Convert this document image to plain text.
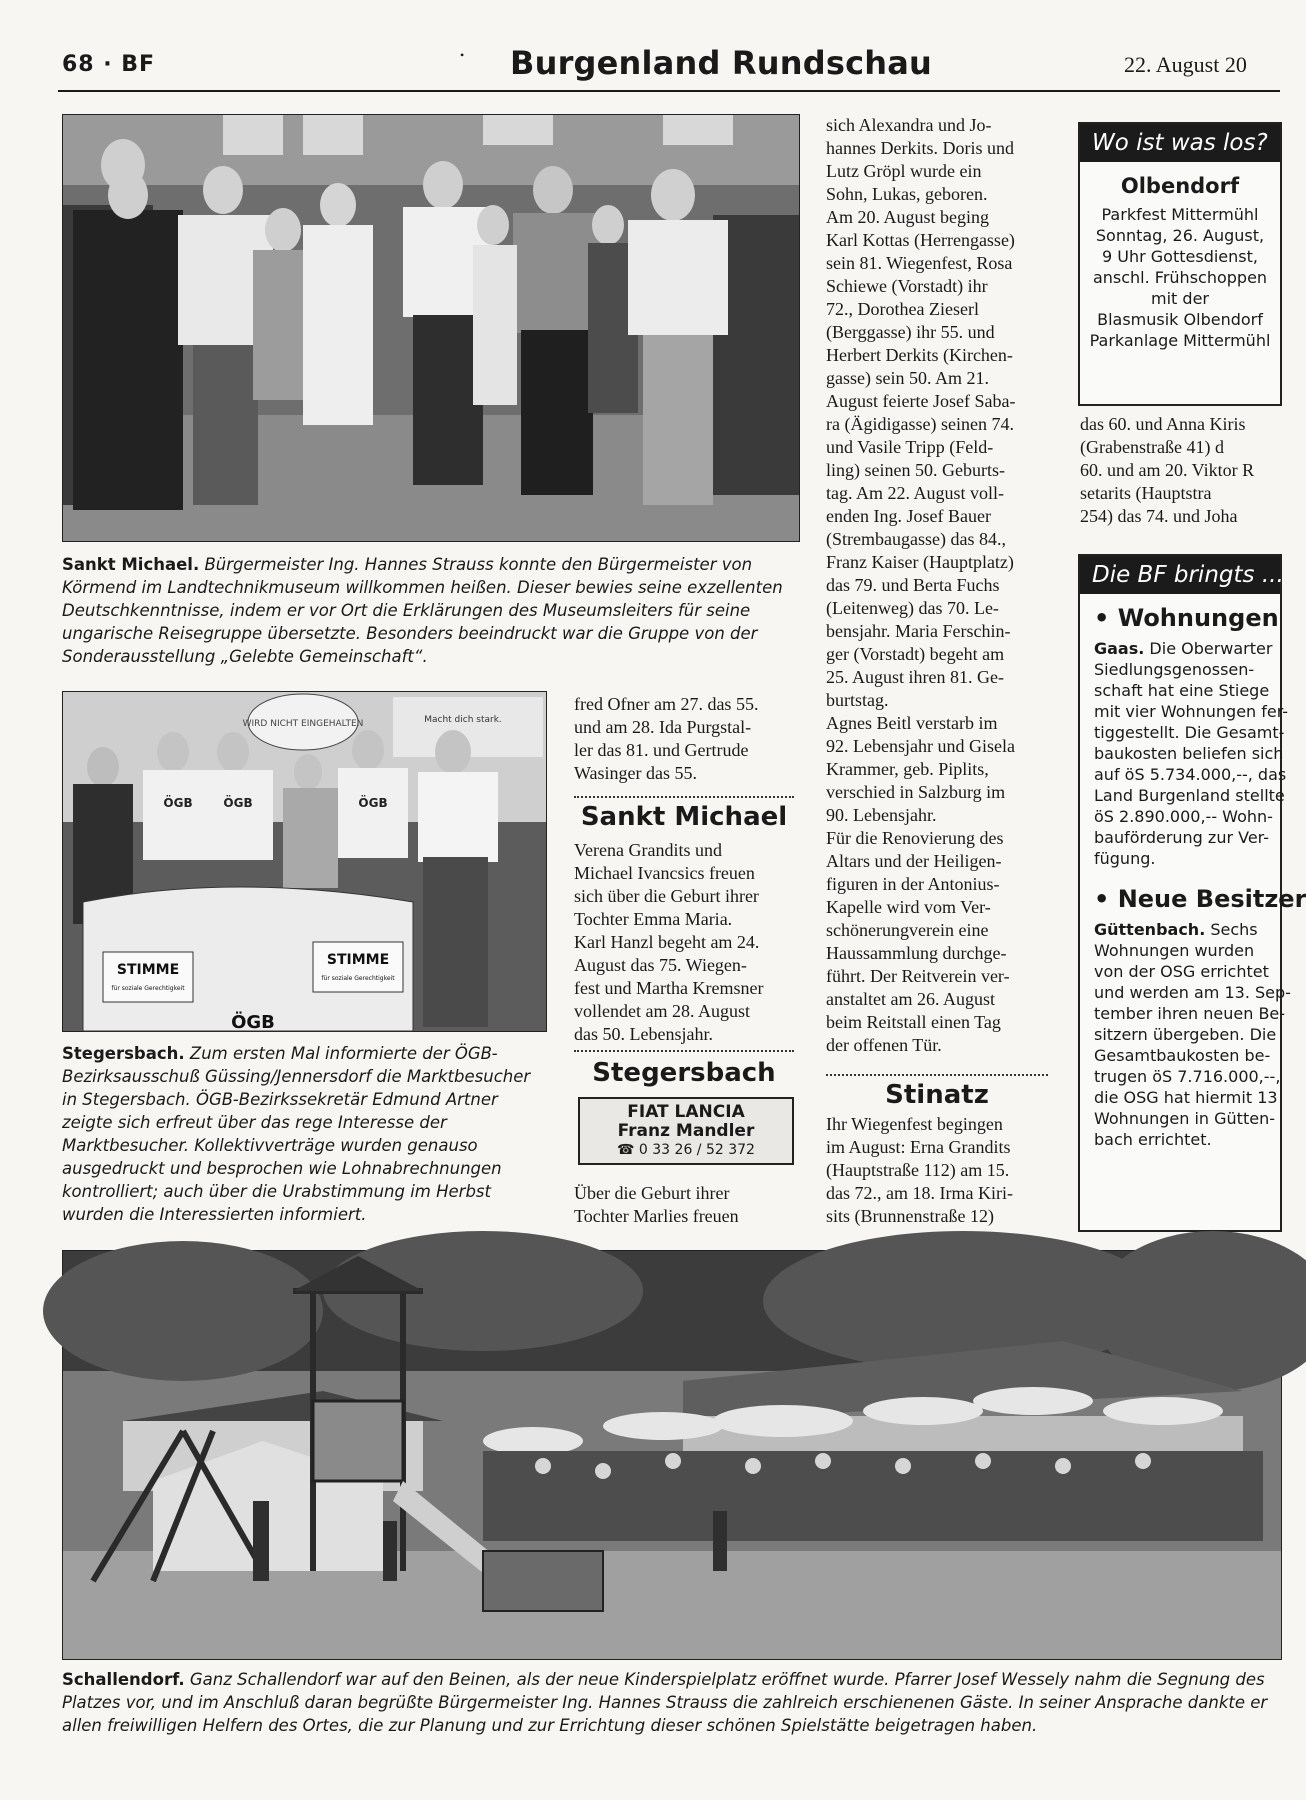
68 · BF	• Burgenland Rundschau	22. August 20
Sankt Michael. Bürgermeister Ing. Hannes Strauss konnte den Bürgermeister von Körmend im Landtechnikmuseum willkommen heißen. Dieser bewies seine exzellenten Deutschkenntnisse, indem er vor Ort die Erklärungen des Museumsleiters für seine ungarische Reisegruppe übersetzte. Besonders beeindruckt war die Gruppe von der Sonderausstellung „Gelebte Gemeinschaft“.
WIRD NICHT EINGEHALTEN	Macht dich stark.
ÖGB	ÖGB	ÖGB
STIMME
für soziale Gerechtigkeit
STIMME
für soziale Gerechtigkeit
ÖGB
Stegersbach. Zum ersten Mal informierte der ÖGB-Bezirksausschuß Güssing/Jennersdorf die Marktbesucher in Stegersbach. ÖGB-Bezirkssekretär Edmund Artner zeigte sich erfreut über das rege Interesse der Marktbesucher. Kollektivverträge wurden genauso ausgedruckt und besprochen wie Lohnabrechnungen kontrolliert; auch über die Urabstimmung im Herbst wurden die Interessierten informiert.
fred Ofner am 27. das 55.
und am 28. Ida Purgstal-
ler das 81. und Gertrude
Wasinger das 55.
Sankt Michael
Verena Grandits und
Michael Ivancsics freuen
sich über die Geburt ihrer
Tochter Emma Maria.
Karl Hanzl begeht am 24.
August das 75. Wiegen-
fest und Martha Kremsner
vollendet am 28. August
das 50. Lebensjahr.
Stegersbach
FIAT LANCIA
Franz Mandler
☎ 0 33 26 / 52 372
Über die Geburt ihrer
Tochter Marlies freuen
sich Alexandra und Jo-
hannes Derkits. Doris und
Lutz Gröpl wurde ein
Sohn, Lukas, geboren.
Am 20. August beging
Karl Kottas (Herrengasse)
sein 81. Wiegenfest, Rosa
Schiewe (Vorstadt) ihr
72., Dorothea Zieserl
(Berggasse) ihr 55. und
Herbert Derkits (Kirchen-
gasse) sein 50. Am 21.
August feierte Josef Saba-
ra (Ägidigasse) seinen 74.
und Vasile Tripp (Feld-
ling) seinen 50. Geburts-
tag. Am 22. August voll-
enden Ing. Josef Bauer
(Strembaugasse) das 84.,
Franz Kaiser (Hauptplatz)
das 79. und Berta Fuchs
(Leitenweg) das 70. Le-
bensjahr. Maria Ferschin-
ger (Vorstadt) begeht am
25. August ihren 81. Ge-
burtstag.
Agnes Beitl verstarb im
92. Lebensjahr und Gisela
Krammer, geb. Piplits,
verschied in Salzburg im
90. Lebensjahr.
Für die Renovierung des
Altars und der Heiligen-
figuren in der Antonius-
Kapelle wird vom Ver-
schönerungverein eine
Haussammlung durchge-
führt. Der Reitverein ver-
anstaltet am 26. August
beim Reitstall einen Tag
der offenen Tür.
Stinatz
Ihr Wiegenfest begingen
im August: Erna Grandits
(Hauptstraße 112) am 15.
das 72., am 18. Irma Kiri-
sits (Brunnenstraße 12)
Wo ist was los?
Olbendorf
Parkfest Mittermühl
Sonntag, 26. August,
9 Uhr Gottesdienst,
anschl. Frühschoppen
mit der
Blasmusik Olbendorf
Parkanlage Mittermühl
das 60. und Anna Kiris
(Grabenstraße 41) d
60. und am 20. Viktor R
setarits (Hauptstra
254) das 74. und Joha
Die BF bringts ...
• Wohnungen
Gaas. Die Oberwarter
Siedlungsgenossen-
schaft hat eine Stiege
mit vier Wohnungen fer-
tiggestellt. Die Gesamt-
baukosten beliefen sich
auf öS 5.734.000,--, das
Land Burgenland stellte
öS 2.890.000,-- Wohn-
bauförderung zur Ver-
fügung.
• Neue Besitzer
Güttenbach. Sechs
Wohnungen wurden
von der OSG errichtet
und werden am 13. Sep-
tember ihren neuen Be-
sitzern übergeben. Die
Gesamtbaukosten be-
trugen öS 7.716.000,--,
die OSG hat hiermit 13
Wohnungen in Gütten-
bach errichtet.
Schallendorf. Ganz Schallendorf war auf den Beinen, als der neue Kinderspielplatz eröffnet wurde. Pfarrer Josef Wessely nahm die Segnung des Platzes vor, und im Anschluß daran begrüßte Bürgermeister Ing. Hannes Strauss die zahlreich erschienenen Gäste. In seiner Ansprache dankte er allen freiwilligen Helfern des Ortes, die zur Planung und zur Errichtung dieser schönen Spielstätte beigetragen haben.
